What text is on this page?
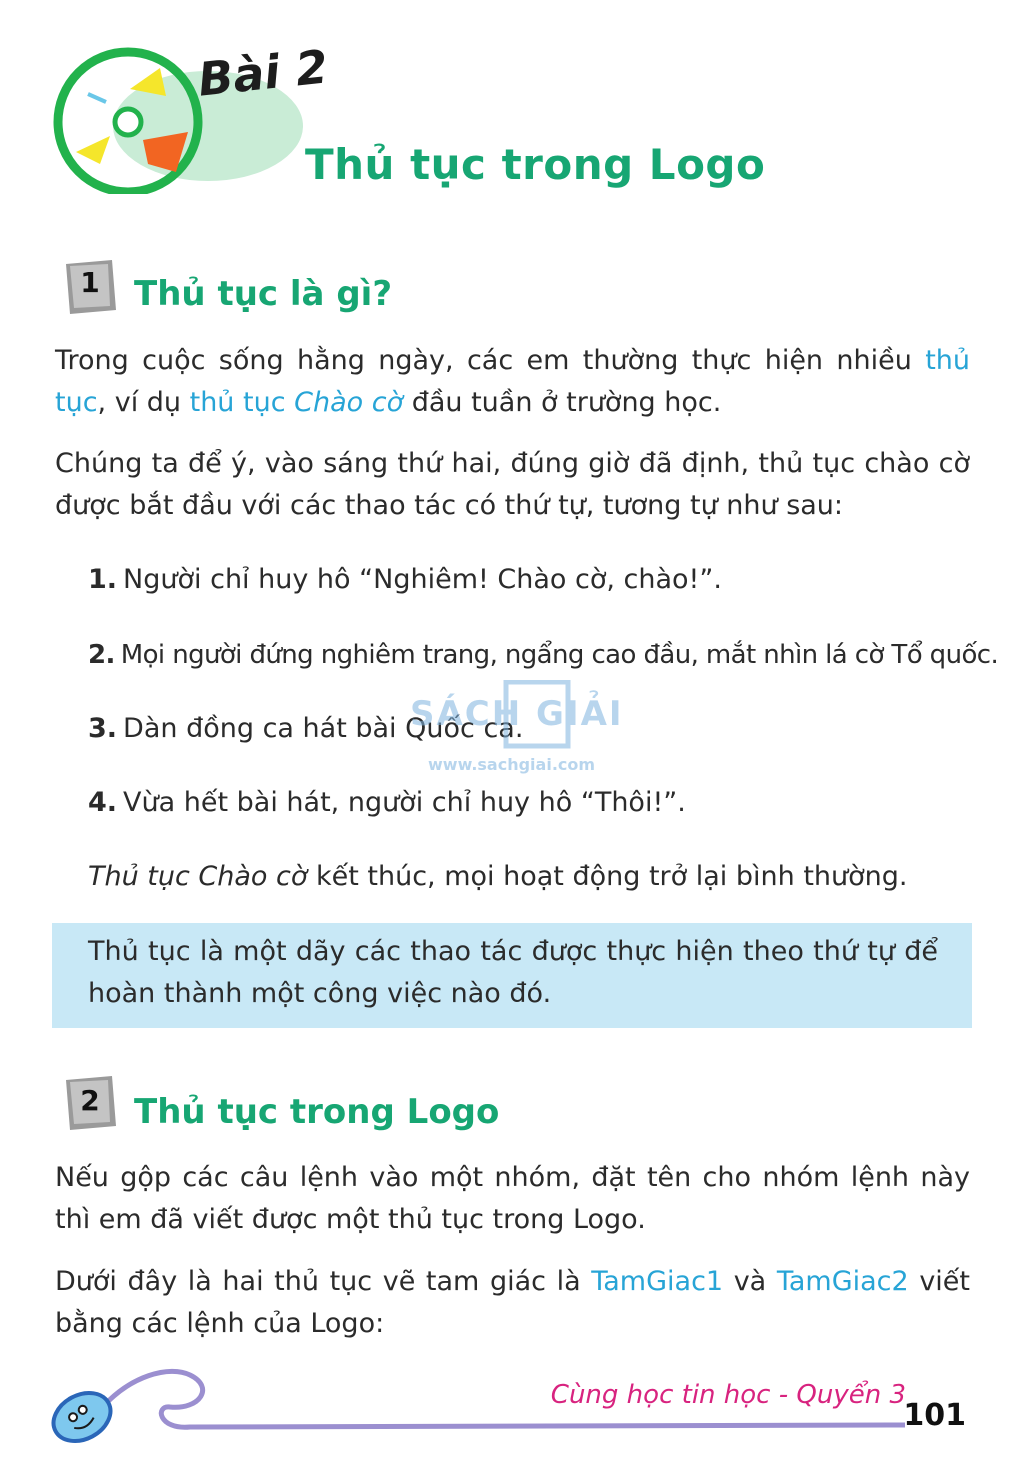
Bài 2
Thủ tục trong Logo
1	Thủ tục là gì?
Trong cuộc sống hằng ngày, các em thường thực hiện nhiều thủ tục, ví dụ thủ tục Chào cờ đầu tuần ở trường học.
Chúng ta để ý, vào sáng thứ hai, đúng giờ đã định, thủ tục chào cờ được bắt đầu với các thao tác có thứ tự, tương tự như sau:
1. Người chỉ huy hô “Nghiêm! Chào cờ, chào!”.
2. Mọi người đứng nghiêm trang, ngẩng cao đầu, mắt nhìn lá cờ Tổ quốc.
3. Dàn đồng ca hát bài Quốc ca.
4. Vừa hết bài hát, người chỉ huy hô “Thôi!”.
Thủ tục Chào cờ kết thúc, mọi hoạt động trở lại bình thường.
Thủ tục là một dãy các thao tác được thực hiện theo thứ tự để hoàn thành một công việc nào đó.
SÁCH GIẢI
www.sachgiai.com
2	Thủ tục trong Logo
Nếu gộp các câu lệnh vào một nhóm, đặt tên cho nhóm lệnh này thì em đã viết được một thủ tục trong Logo.
Dưới đây là hai thủ tục vẽ tam giác là TamGiac1 và TamGiac2 viết bằng các lệnh của Logo:
Cùng học tin học - Quyển 3
101
